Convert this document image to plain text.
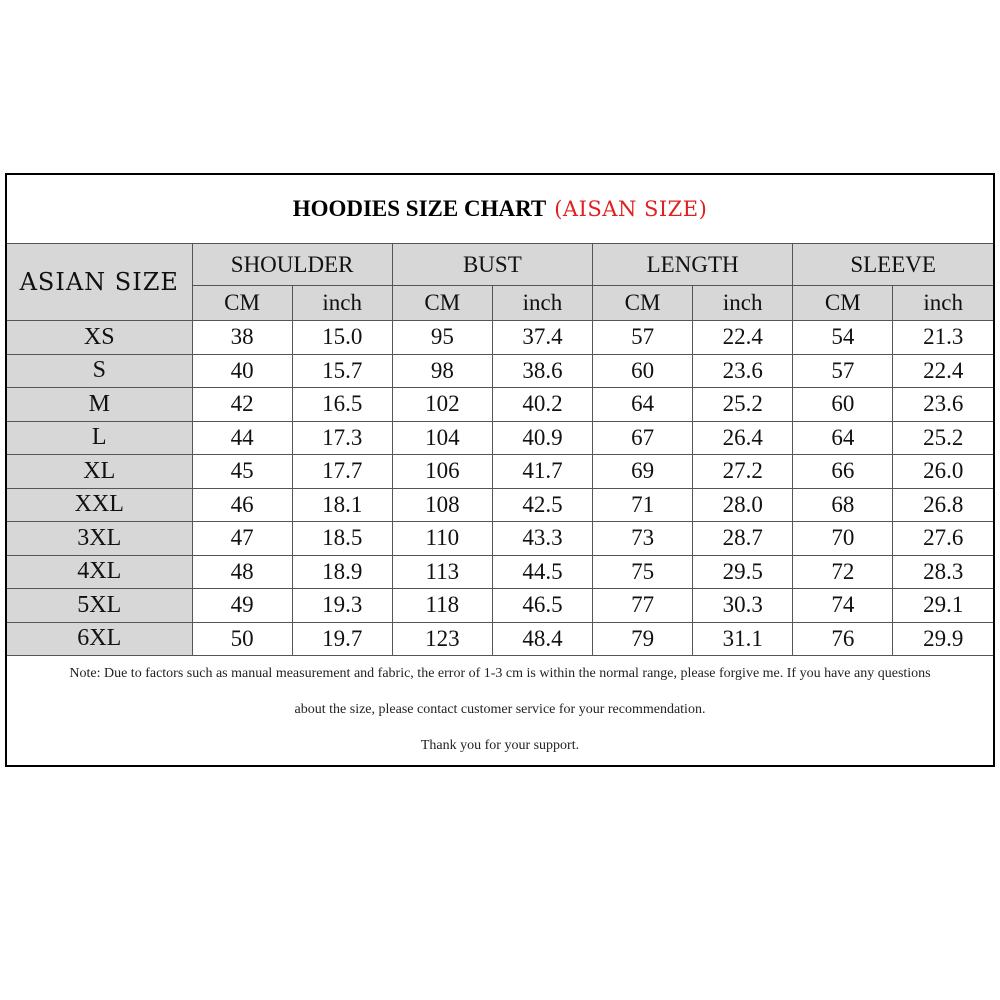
HOODIES SIZE CHART (AISAN SIZE)
ASIAN SIZE	SHOULDER		BUST		LENGTH		SLEEVE	
	CM	inch	CM	inch	CM	inch	CM	inch
XS	38	15.0	95	37.4	57	22.4	54	21.3
S	40	15.7	98	38.6	60	23.6	57	22.4
M	42	16.5	102	40.2	64	25.2	60	23.6
L	44	17.3	104	40.9	67	26.4	64	25.2
XL	45	17.7	106	41.7	69	27.2	66	26.0
XXL	46	18.1	108	42.5	71	28.0	68	26.8
3XL	47	18.5	110	43.3	73	28.7	70	27.6
4XL	48	18.9	113	44.5	75	29.5	72	28.3
5XL	49	19.3	118	46.5	77	30.3	74	29.1
6XL	50	19.7	123	48.4	79	31.1	76	29.9
Note: Due to factors such as manual measurement and fabric, the error of 1-3 cm is within the normal range, please forgive me. If you have any questions
about the size, please contact customer service for your recommendation.
Thank you for your support.
